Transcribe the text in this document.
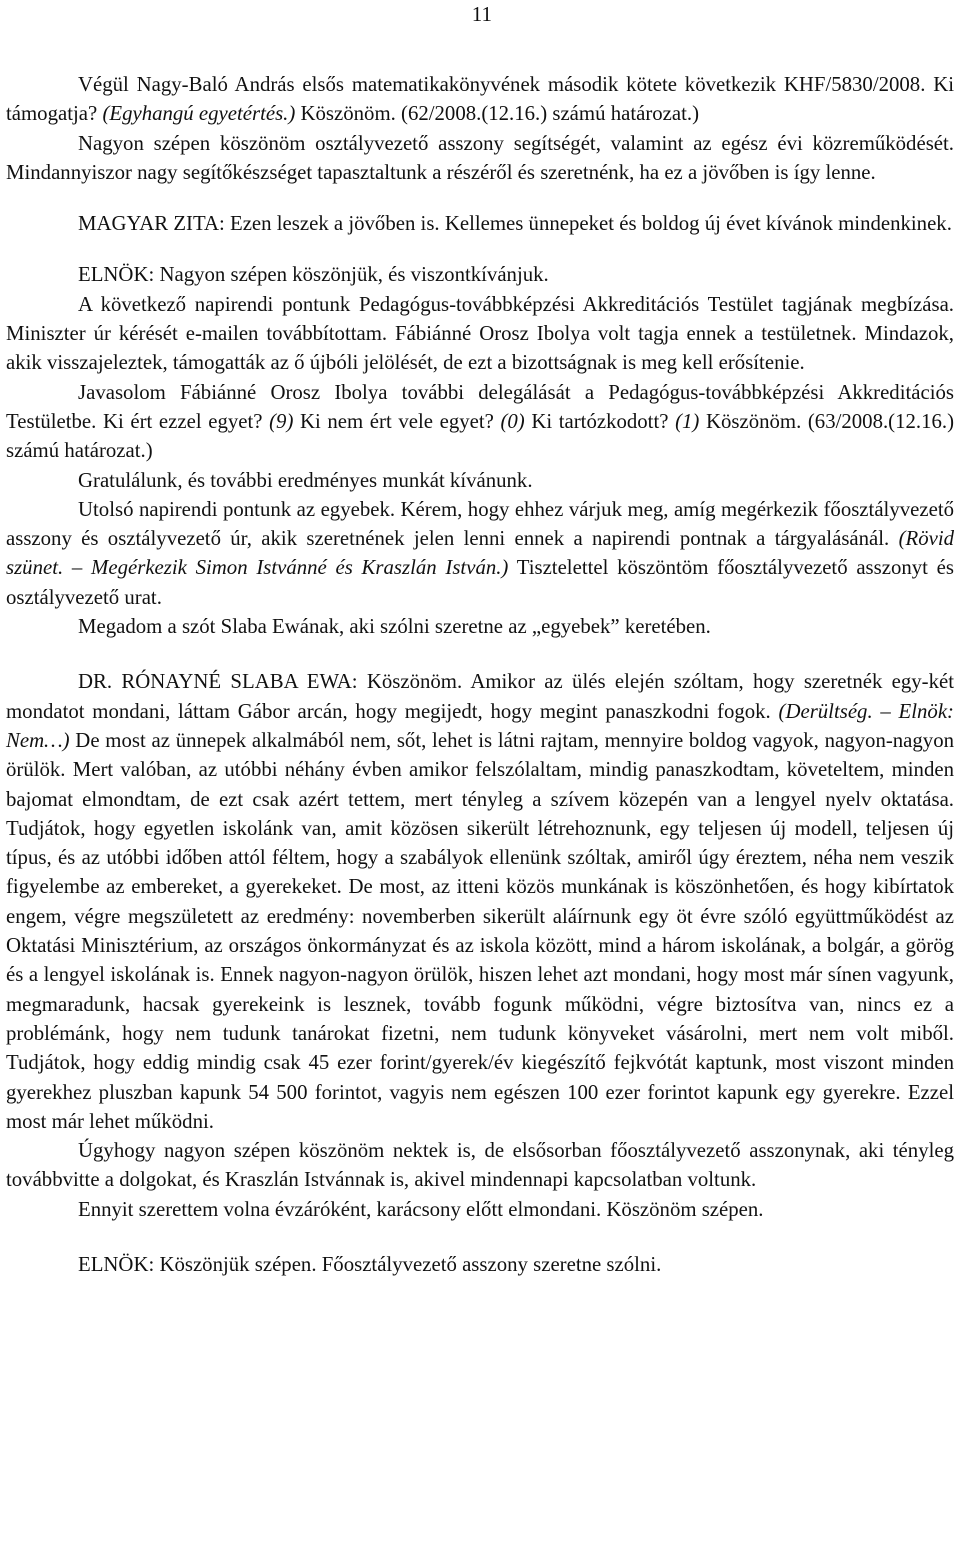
11

Végül Nagy-Baló András elsős matematikakönyvének második kötete következik KHF/5830/2008. Ki támogatja? (Egyhangú egyetértés.) Köszönöm. (62/2008.(12.16.) számú határozat.)

Nagyon szépen köszönöm osztályvezető asszony segítségét, valamint az egész évi közreműködését. Mindannyiszor nagy segítőkészséget tapasztaltunk a részéről és szeretnénk, ha ez a jövőben is így lenne.

MAGYAR ZITA: Ezen leszek a jövőben is. Kellemes ünnepeket és boldog új évet kívánok mindenkinek.

ELNÖK: Nagyon szépen köszönjük, és viszontkívánjuk.

A következő napirendi pontunk Pedagógus-továbbképzési Akkreditációs Testület tagjának megbízása. Miniszter úr kérését e-mailen továbbítottam. Fábiánné Orosz Ibolya volt tagja ennek a testületnek. Mindazok, akik visszajeleztek, támogatták az ő újbóli jelölését, de ezt a bizottságnak is meg kell erősítenie.

Javasolom Fábiánné Orosz Ibolya további delegálását a Pedagógus-továbbképzési Akkreditációs Testületbe. Ki ért ezzel egyet? (9) Ki nem ért vele egyet? (0) Ki tartózkodott? (1) Köszönöm. (63/2008.(12.16.) számú határozat.)

Gratulálunk, és további eredményes munkát kívánunk.

Utolsó napirendi pontunk az egyebek. Kérem, hogy ehhez várjuk meg, amíg megérkezik főosztályvezető asszony és osztályvezető úr, akik szeretnének jelen lenni ennek a napirendi pontnak a tárgyalásánál. (Rövid szünet. – Megérkezik Simon Istvánné és Kraszlán István.) Tisztelettel köszöntöm főosztályvezető asszonyt és osztályvezető urat.

Megadom a szót Slaba Ewának, aki szólni szeretne az „egyebek” keretében.

DR. RÓNAYNÉ SLABA EWA: Köszönöm. Amikor az ülés elején szóltam, hogy szeretnék egy-két mondatot mondani, láttam Gábor arcán, hogy megijedt, hogy megint panaszkodni fogok. (Derültség. – Elnök: Nem…) De most az ünnepek alkalmából nem, sőt, lehet is látni rajtam, mennyire boldog vagyok, nagyon-nagyon örülök. Mert valóban, az utóbbi néhány évben amikor felszólaltam, mindig panaszkodtam, követeltem, minden bajomat elmondtam, de ezt csak azért tettem, mert tényleg a szívem közepén van a lengyel nyelv oktatása. Tudjátok, hogy egyetlen iskolánk van, amit közösen sikerült létrehoznunk, egy teljesen új modell, teljesen új típus, és az utóbbi időben attól féltem, hogy a szabályok ellenünk szóltak, amiről úgy éreztem, néha nem veszik figyelembe az embereket, a gyerekeket. De most, az itteni közös munkának is köszönhetően, és hogy kibírtatok engem, végre megszületett az eredmény: novemberben sikerült aláírnunk egy öt évre szóló együttműködést az Oktatási Minisztérium, az országos önkormányzat és az iskola között, mind a három iskolának, a bolgár, a görög és a lengyel iskolának is. Ennek nagyon-nagyon örülök, hiszen lehet azt mondani, hogy most már sínen vagyunk, megmaradunk, hacsak gyerekeink is lesznek, tovább fogunk működni, végre biztosítva van, nincs ez a problémánk, hogy nem tudunk tanárokat fizetni, nem tudunk könyveket vásárolni, mert nem volt miből. Tudjátok, hogy eddig mindig csak 45 ezer forint/gyerek/év kiegészítő fejkvótát kaptunk, most viszont minden gyerekhez pluszban kapunk 54 500 forintot, vagyis nem egészen 100 ezer forintot kapunk egy gyerekre. Ezzel most már lehet működni.

Úgyhogy nagyon szépen köszönöm nektek is, de elsősorban főosztályvezető asszonynak, aki tényleg továbbvitte a dolgokat, és Kraszlán Istvánnak is, akivel mindennapi kapcsolatban voltunk.

Ennyit szerettem volna évzáróként, karácsony előtt elmondani. Köszönöm szépen.

ELNÖK: Köszönjük szépen. Főosztályvezető asszony szeretne szólni.
